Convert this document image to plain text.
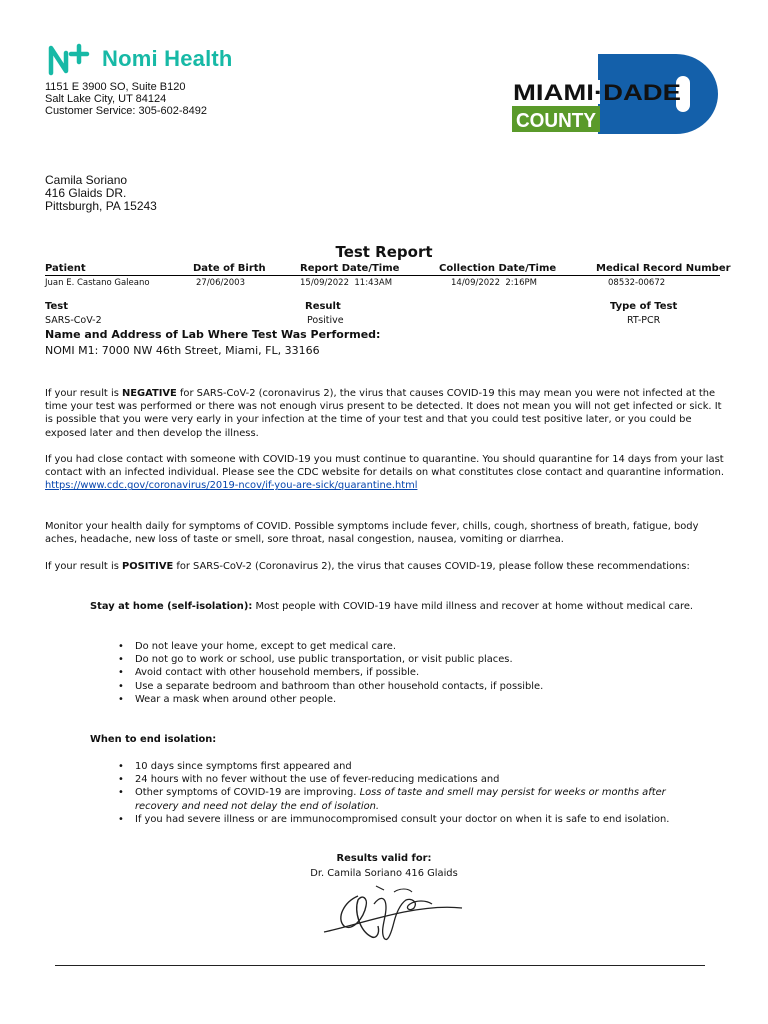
Nomi Health
1151 E 3900 SO, Suite B120
Salt Lake City, UT 84124
Customer Service: 305-602-8492
MIAMI·DADE
COUNTY
Camila Soriano
416 Glaids DR.
Pittsburgh, PA 15243
Test Report
Patient	Date of Birth	Report Date/Time	Collection Date/Time	Medical Record Number
Juan E. Castano Galeano	27/06/2003	15/09/2022  11:43AM	14/09/2022  2:16PM	08532-00672
Test	Result	Type of Test
SARS-CoV-2	Positive	RT-PCR
Name and Address of Lab Where Test Was Performed:
NOMI M1: 7000 NW 46th Street, Miami, FL, 33166
If your result is NEGATIVE for SARS-CoV-2 (coronavirus 2), the virus that causes COVID-19 this may mean you were not infected at the time your test was performed or there was not enough virus present to be detected. It does not mean you will not get infected or sick. It is possible that you were very early in your infection at the time of your test and that you could test positive later, or you could be exposed later and then develop the illness.
If you had close contact with someone with COVID-19 you must continue to quarantine. You should quarantine for 14 days from your last contact with an infected individual. Please see the CDC website for details on what constitutes close contact and quarantine information. https://www.cdc.gov/coronavirus/2019-ncov/if-you-are-sick/quarantine.html
Monitor your health daily for symptoms of COVID. Possible symptoms include fever, chills, cough, shortness of breath, fatigue, body aches, headache, new loss of taste or smell, sore throat, nasal congestion, nausea, vomiting or diarrhea.
If your result is POSITIVE for SARS-CoV-2 (Coronavirus 2), the virus that causes COVID-19, please follow these recommendations:
Stay at home (self-isolation): Most people with COVID-19 have mild illness and recover at home without medical care.
• Do not leave your home, except to get medical care.
• Do not go to work or school, use public transportation, or visit public places.
• Avoid contact with other household members, if possible.
• Use a separate bedroom and bathroom than other household contacts, if possible.
• Wear a mask when around other people.
When to end isolation:
• 10 days since symptoms first appeared and
• 24 hours with no fever without the use of fever-reducing medications and
• Other symptoms of COVID-19 are improving. Loss of taste and smell may persist for weeks or months after recovery and need not delay the end of isolation.
• If you had severe illness or are immunocompromised consult your doctor on when it is safe to end isolation.
Results valid for:
Dr. Camila Soriano 416 Glaids
